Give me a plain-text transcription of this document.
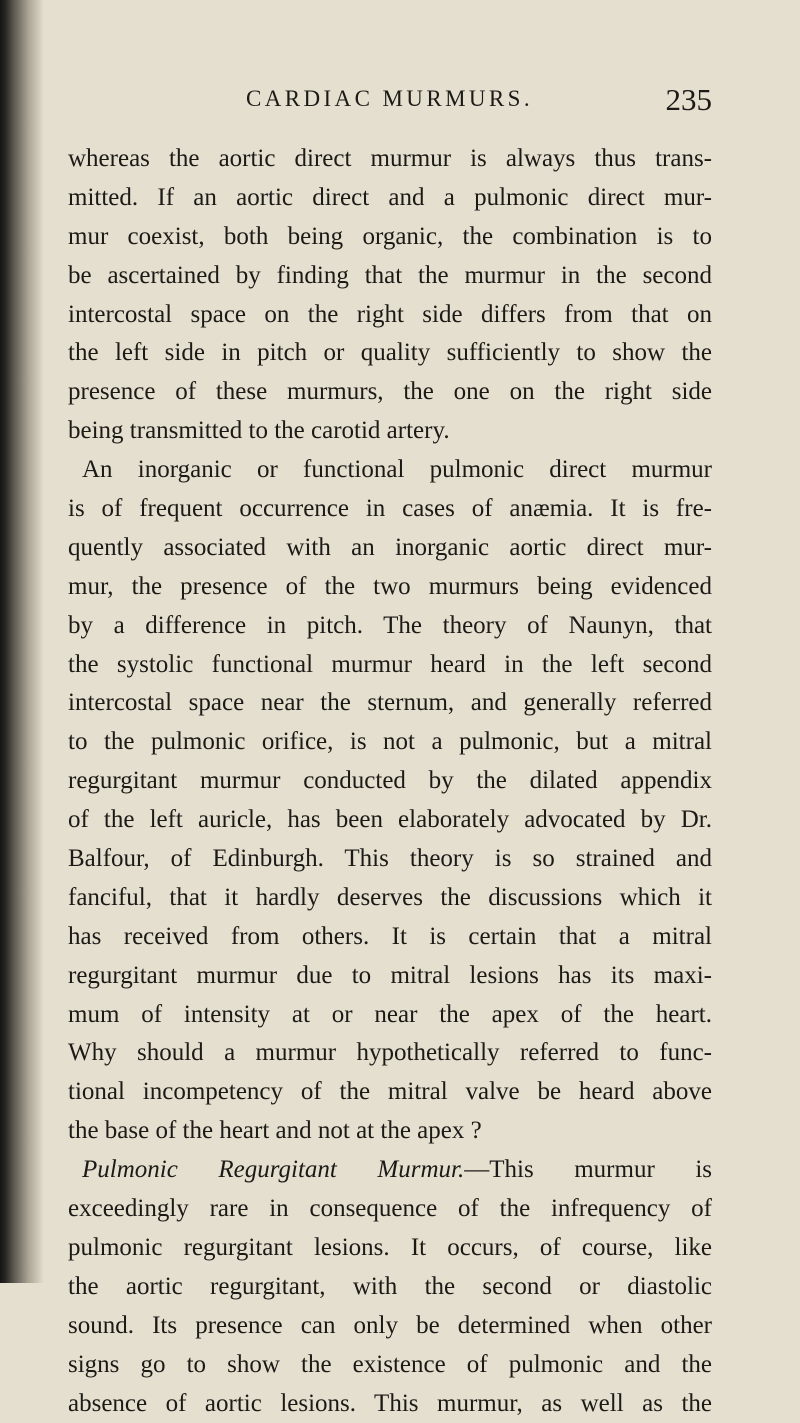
CARDIAC MURMURS.	235
whereas the aortic direct murmur is always thus trans-
mitted. If an aortic direct and a pulmonic direct mur-
mur coexist, both being organic, the combination is to
be ascertained by finding that the murmur in the second
intercostal space on the right side differs from that on
the left side in pitch or quality sufficiently to show the
presence of these murmurs, the one on the right side
being transmitted to the carotid artery.
An inorganic or functional pulmonic direct murmur
is of frequent occurrence in cases of anæmia. It is fre-
quently associated with an inorganic aortic direct mur-
mur, the presence of the two murmurs being evidenced
by a difference in pitch. The theory of Naunyn, that
the systolic functional murmur heard in the left second
intercostal space near the sternum, and generally referred
to the pulmonic orifice, is not a pulmonic, but a mitral
regurgitant murmur conducted by the dilated appendix
of the left auricle, has been elaborately advocated by Dr.
Balfour, of Edinburgh. This theory is so strained and
fanciful, that it hardly deserves the discussions which it
has received from others. It is certain that a mitral
regurgitant murmur due to mitral lesions has its maxi-
mum of intensity at or near the apex of the heart.
Why should a murmur hypothetically referred to func-
tional incompetency of the mitral valve be heard above
the base of the heart and not at the apex ?
Pulmonic Regurgitant Murmur.—This murmur is
exceedingly rare in consequence of the infrequency of
pulmonic regurgitant lesions. It occurs, of course, like
the aortic regurgitant, with the second or diastolic
sound. Its presence can only be determined when other
signs go to show the existence of pulmonic and the
absence of aortic lesions. This murmur, as well as the
